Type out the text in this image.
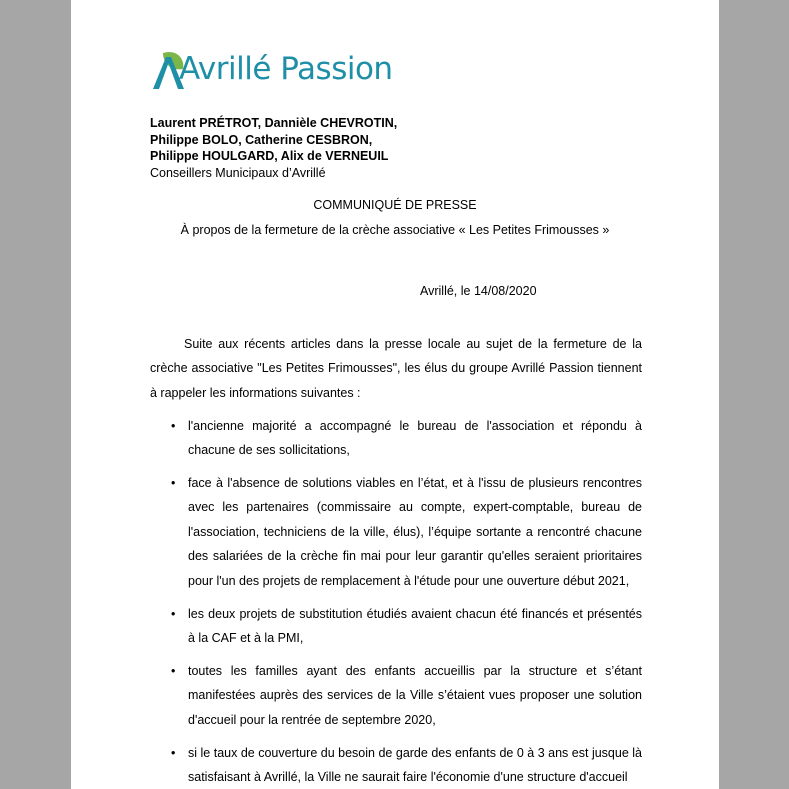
Avrillé Passion
Laurent PRÉTROT, Dannièle CHEVROTIN,
Philippe BOLO, Catherine CESBRON,
Philippe HOULGARD, Alix de VERNEUIL
Conseillers Municipaux d’Avrillé
COMMUNIQUÉ DE PRESSE
À propos de la fermeture de la crèche associative « Les Petites Frimousses »
Avrillé, le 14/08/2020

Suite aux récents articles dans la presse locale au sujet de la fermeture de la crèche associative "Les Petites Frimousses", les élus du groupe Avrillé Passion tiennent à rappeler les informations suivantes :

• l'ancienne majorité a accompagné le bureau de l'association et répondu à chacune de ses sollicitations,
• face à l'absence de solutions viables en l’état, et à l'issu de plusieurs rencontres avec les partenaires (commissaire au compte, expert-comptable, bureau de l'association, techniciens de la ville, élus), l’équipe sortante a rencontré chacune des salariées de la crèche fin mai pour leur garantir qu'elles seraient prioritaires pour l'un des projets de remplacement à l'étude pour une ouverture début 2021,
• les deux projets de substitution étudiés avaient chacun été financés et présentés à la CAF et à la PMI,
• toutes les familles ayant des enfants accueillis par la structure et s’étant manifestées auprès des services de la Ville s’étaient vues proposer une solution d'accueil pour la rentrée de septembre 2020,
• si le taux de couverture du besoin de garde des enfants de 0 à 3 ans est jusque là satisfaisant à Avrillé, la Ville ne saurait faire l'économie d'une structure d'accueil
